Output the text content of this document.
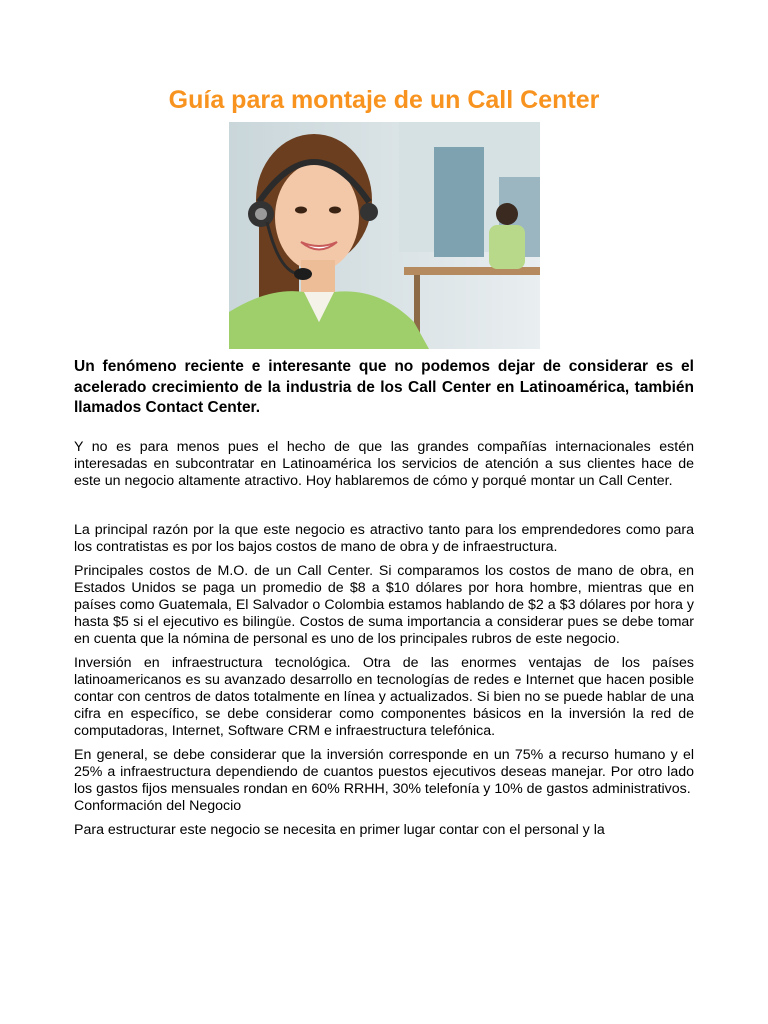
Guía para montaje de un Call Center

Un fenómeno reciente e interesante que no podemos dejar de considerar es el acelerado crecimiento de la industria de los Call Center en Latinoamérica, también llamados Contact Center.

Y no es para menos pues el hecho de que las grandes compañías internacionales estén interesadas en subcontratar en Latinoamérica los servicios de atención a sus clientes hace de este un negocio altamente atractivo. Hoy hablaremos de cómo y porqué montar un Call Center.

La principal razón por la que este negocio es atractivo tanto para los emprendedores como para los contratistas es por los bajos costos de mano de obra y de infraestructura.

Principales costos de M.O. de un Call Center. Si comparamos los costos de mano de obra, en Estados Unidos se paga un promedio de $8 a $10 dólares por hora hombre, mientras que en países como Guatemala, El Salvador o Colombia estamos hablando de $2 a $3 dólares por hora y hasta $5 si el ejecutivo es bilingüe. Costos de suma importancia a considerar pues se debe tomar en cuenta que la nómina de personal es uno de los principales rubros de este negocio.

Inversión en infraestructura tecnológica. Otra de las enormes ventajas de los países latinoamericanos es su avanzado desarrollo en tecnologías de redes e Internet que hacen posible contar con centros de datos totalmente en línea y actualizados. Si bien no se puede hablar de una cifra en específico, se debe considerar como componentes básicos en la inversión la red de computadoras, Internet, Software CRM e infraestructura telefónica.

En general, se debe considerar que la inversión corresponde en un 75% a recurso humano y el 25% a infraestructura dependiendo de cuantos puestos ejecutivos deseas manejar. Por otro lado los gastos fijos mensuales rondan en 60% RRHH, 30% telefonía y 10% de gastos administrativos.

Conformación del Negocio

Para estructurar este negocio se necesita en primer lugar contar con el personal y la
